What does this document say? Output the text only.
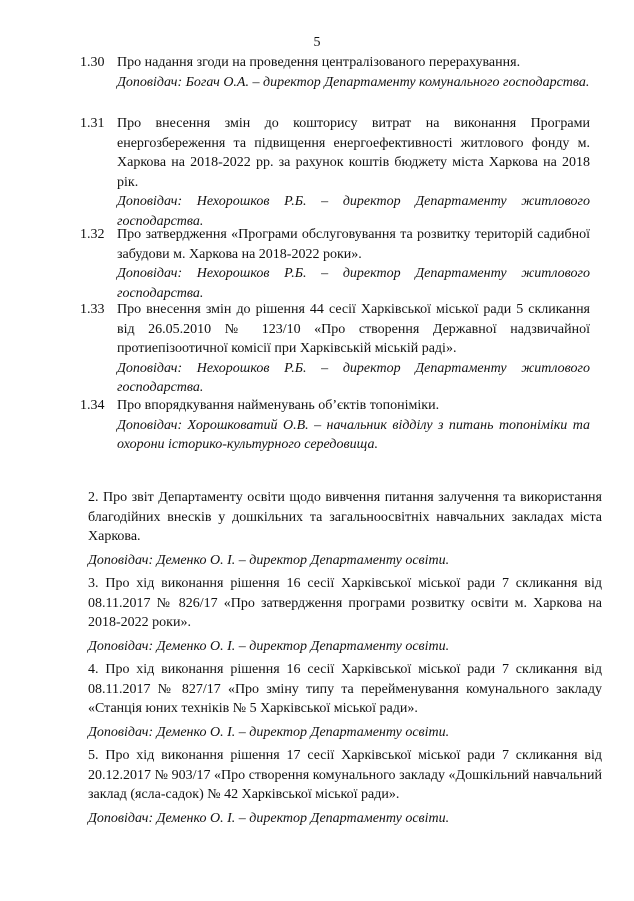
5
1.30 Про надання згоди на проведення централізованого перерахування.
Доповідач: Богач О.А. – директор Департаменту комунального господарства.
1.31 Про внесення змін до кошторису витрат на виконання Програми енергозбереження та підвищення енергоефективності житлового фонду м. Харкова на 2018-2022 рр. за рахунок коштів бюджету міста Харкова на 2018 рік.
Доповідач: Нехорошков Р.Б. – директор Департаменту житлового господарства.
1.32 Про затвердження «Програми обслуговування та розвитку територій садибної забудови м. Харкова на 2018-2022 роки».
Доповідач: Нехорошков Р.Б. – директор Департаменту житлового господарства.
1.33 Про внесення змін до рішення 44 сесії Харківської міської ради 5 скликання від 26.05.2010 № 123/10 «Про створення Державної надзвичайної протиепізоотичної комісії при Харківській міській раді».
Доповідач: Нехорошков Р.Б. – директор Департаменту житлового господарства.
1.34 Про впорядкування найменувань об’єктів топоніміки.
Доповідач: Хорошковатий О.В. – начальник відділу з питань топоніміки та охорони історико-культурного середовища.
2. Про звіт Департаменту освіти щодо вивчення питання залучення та використання благодійних внесків у дошкільних та загальноосвітніх навчальних закладах міста Харкова.
Доповідач: Деменко О. І. – директор Департаменту освіти.
3. Про хід виконання рішення 16 сесії Харківської міської ради 7 скликання від 08.11.2017 № 826/17 «Про затвердження програми розвитку освіти м. Харкова на 2018-2022 роки».
Доповідач: Деменко О. І. – директор Департаменту освіти.
4. Про хід виконання рішення 16 сесії Харківської міської ради 7 скликання від 08.11.2017 № 827/17 «Про зміну типу та перейменування комунального закладу «Станція юних техніків № 5 Харківської міської ради».
Доповідач: Деменко О. І. – директор Департаменту освіти.
5. Про хід виконання рішення 17 сесії Харківської міської ради 7 скликання від 20.12.2017 № 903/17 «Про створення комунального закладу «Дошкільний навчальний заклад (ясла-садок) № 42 Харківської міської ради».
Доповідач: Деменко О. І. – директор Департаменту освіти.
